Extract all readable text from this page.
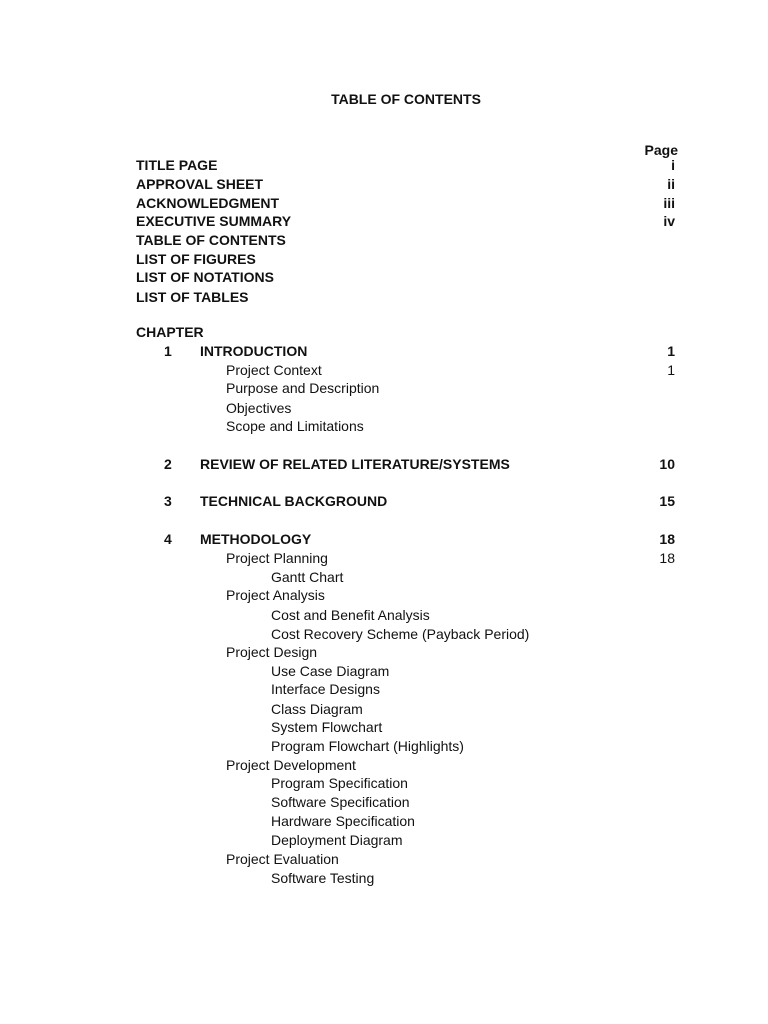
TABLE OF CONTENTS
Page
TITLE PAGE	i
APPROVAL SHEET	ii
ACKNOWLEDGMENT	iii
EXECUTIVE SUMMARY	iv
TABLE OF CONTENTS
LIST OF FIGURES
LIST OF NOTATIONS
LIST OF TABLES
CHAPTER
1 INTRODUCTION	1
Project Context	1
Purpose and Description
Objectives
Scope and Limitations
2 REVIEW OF RELATED LITERATURE/SYSTEMS	10
3 TECHNICAL BACKGROUND	15
4 METHODOLOGY	18
Project Planning	18
Gantt Chart
Project Analysis
Cost and Benefit Analysis
Cost Recovery Scheme (Payback Period)
Project Design
Use Case Diagram
Interface Designs
Class Diagram
System Flowchart
Program Flowchart (Highlights)
Project Development
Program Specification
Software Specification
Hardware Specification
Deployment Diagram
Project Evaluation
Software Testing
